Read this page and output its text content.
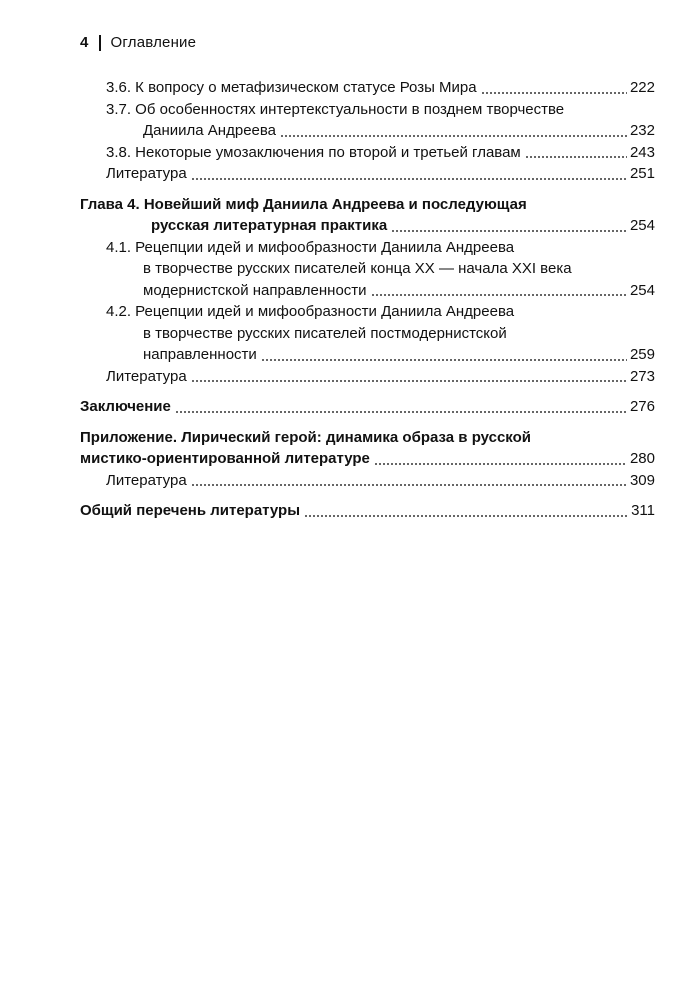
4 Оглавление
3.6. К вопросу о метафизическом статусе Розы Мира	222
3.7. Об особенностях интертекстуальности в позднем творчестве
Даниила Андреева	232
3.8. Некоторые умозаключения по второй и третьей главам	243
Литература	251
Глава 4. Новейший миф Даниила Андреева и последующая
русская литературная практика	254
4.1. Рецепции идей и мифообразности Даниила Андреева
в творчестве русских писателей конца XX — начала XXI века
модернистской направленности	254
4.2. Рецепции идей и мифообразности Даниила Андреева
в творчестве русских писателей постмодернистской
направленности	259
Литература	273
Заключение	276
Приложение. Лирический герой: динамика образа в русской
мистико-ориентированной литературе	280
Литература	309
Общий перечень литературы	311
